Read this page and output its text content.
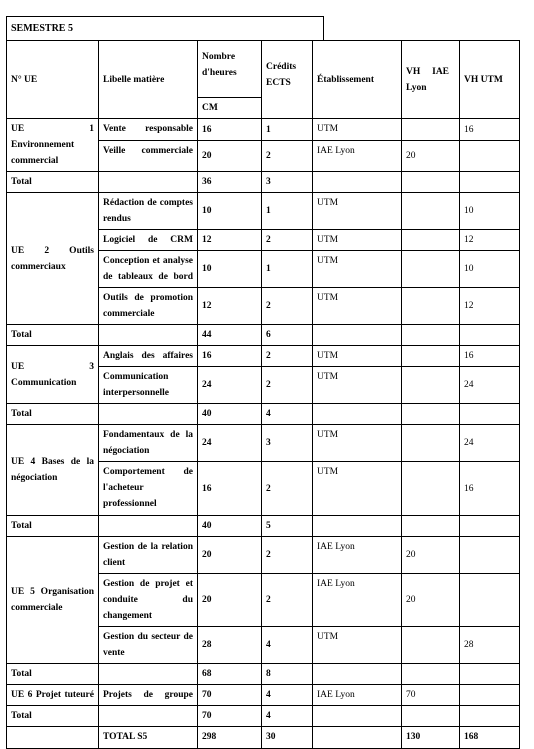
SEMESTRE 5
N° UE	Libelle matière	Nombre d'heures	Crédits ECTS	Établissement	VH     IAE Lyon	VH UTM
		CM				
UE 1 Environnement commercial	Vente responsable	16	1	UTM		16
	Veille commerciale	20	2	IAE Lyon	20	
Total		36	3			
UE 2 Outils commerciaux	Rédaction de comptes rendus	10	1	UTM		10
	Logiciel de CRM	12	2	UTM		12
	Conception et analyse de tableaux de bord	10	1	UTM		10
	Outils de promotion commerciale	12	2	UTM		12
Total		44	6			
UE 3 Communication	Anglais des affaires	16	2	UTM		16
	Communication interpersonnelle	24	2	UTM		24
Total		40	4			
UE 4 Bases de la négociation	Fondamentaux de la négociation	24	3	UTM		24
	Comportement de l'acheteur professionnel	16	2	UTM		16
Total		40	5			
UE 5 Organisation commerciale	Gestion de la relation client	20	2	IAE Lyon	20	
	Gestion de projet et conduite du changement	20	2	IAE Lyon	20	
	Gestion du secteur de vente	28	4	UTM		28
Total		68	8			
UE 6 Projet tuteuré	Projets de groupe	70	4	IAE Lyon	70	
Total		70	4			
	TOTAL S5	298	30		130	168
